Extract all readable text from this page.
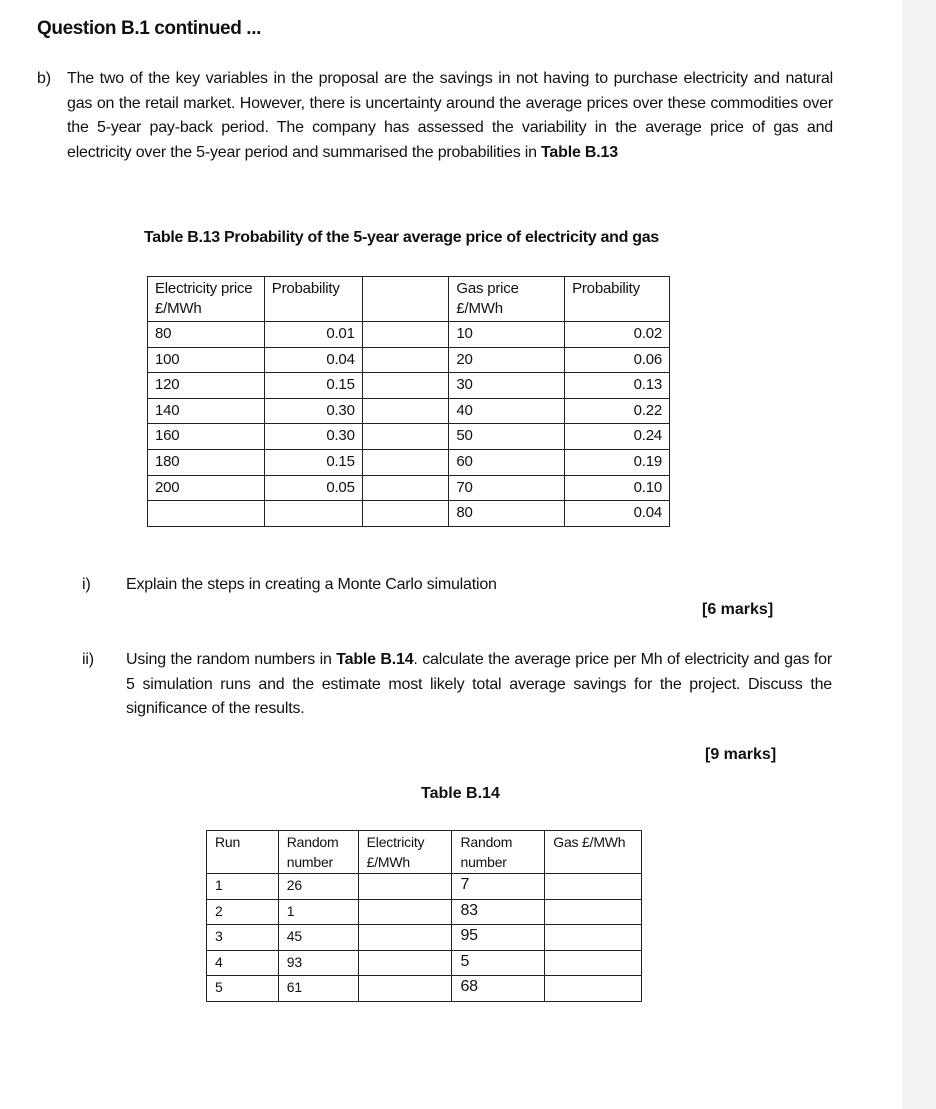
Question B.1 continued ...
b) The two of the key variables in the proposal are the savings in not having to purchase electricity and natural gas on the retail market. However, there is uncertainty around the average prices over these commodities over the 5-year pay-back period. The company has assessed the variability in the average price of gas and electricity over the 5-year period and summarised the probabilities in Table B.13

Table B.13 Probability of the 5-year average price of electricity and gas
Electricity price £/MWh	Probability		Gas price £/MWh	Probability
80	0.01		10	0.02
100	0.04		20	0.06
120	0.15		30	0.13
140	0.30		40	0.22
160	0.30		50	0.24
180	0.15		60	0.19
200	0.05		70	0.10
			80	0.04
i) Explain the steps in creating a Monte Carlo simulation
[6 marks]
ii) Using the random numbers in Table B.14. calculate the average price per Mh of electricity and gas for 5 simulation runs and the estimate most likely total average savings for the project. Discuss the significance of the results.

[9 marks]
Table B.14
Run	Random number	Electricity £/MWh	Random number	Gas £/MWh
1	26		7	
2	1		83	
3	45		95	
4	93		5	
5	61		68	
